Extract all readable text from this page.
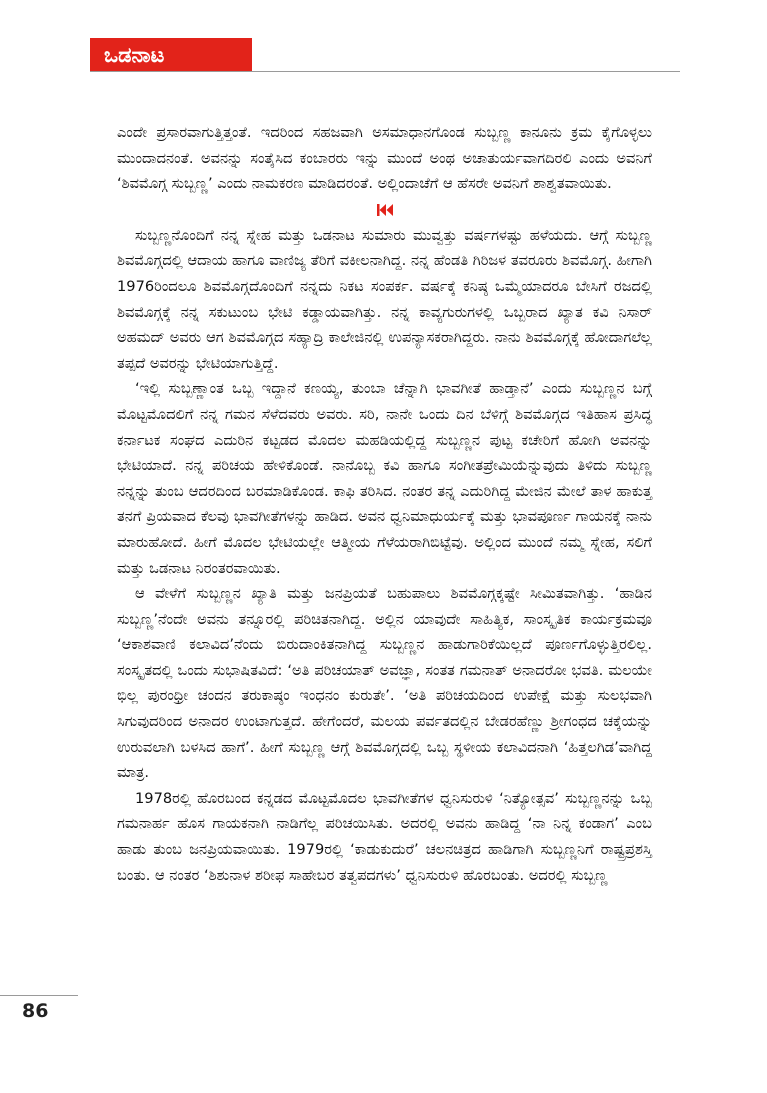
ಒಡನಾಟ

ಎಂದೇ ಪ್ರಸಾರವಾಗುತ್ತಿತ್ತಂತೆ. ಇದರಿಂದ ಸಹಜವಾಗಿ ಅಸಮಾಧಾನಗೊಂಡ ಸುಬ್ಬಣ್ಣ ಕಾನೂನು ಕ್ರಮ ಕೈಗೊಳ್ಳಲು ಮುಂದಾದನಂತೆ. ಅವನನ್ನು ಸಂತೈಸಿದ ಕಂಬಾರರು ಇನ್ನು ಮುಂದೆ ಅಂಥ ಅಚಾತುರ್ಯವಾಗದಿರಲಿ ಎಂದು ಅವನಿಗೆ ‘ಶಿವಮೊಗ್ಗ ಸುಬ್ಬಣ್ಣ’ ಎಂದು ನಾಮಕರಣ ಮಾಡಿದರಂತೆ. ಅಲ್ಲಿಂದಾಚೆಗೆ ಆ ಹೆಸರೇ ಅವನಿಗೆ ಶಾಶ್ವತವಾಯಿತು.

ಸುಬ್ಬಣ್ಣನೊಂದಿಗೆ ನನ್ನ ಸ್ನೇಹ ಮತ್ತು ಒಡನಾಟ ಸುಮಾರು ಮುವ್ವತ್ತು ವರ್ಷಗಳಷ್ಟು ಹಳೆಯದು. ಆಗ್ಗೆ ಸುಬ್ಬಣ್ಣ ಶಿವಮೊಗ್ಗದಲ್ಲಿ ಆದಾಯ ಹಾಗೂ ವಾಣಿಜ್ಯ ತೆರಿಗೆ ವಕೀಲನಾಗಿದ್ದ. ನನ್ನ ಹೆಂಡತಿ ಗಿರಿಜಳ ತವರೂರು ಶಿವಮೊಗ್ಗ. ಹೀಗಾಗಿ 1976ರಿಂದಲೂ ಶಿವಮೊಗ್ಗದೊಂದಿಗೆ ನನ್ನದು ನಿಕಟ ಸಂಪರ್ಕ. ವರ್ಷಕ್ಕೆ ಕನಿಷ್ಠ ಒಮ್ಮೆಯಾದರೂ ಬೇಸಿಗೆ ರಜದಲ್ಲಿ ಶಿವಮೊಗ್ಗಕ್ಕೆ ನನ್ನ ಸಕುಟುಂಬ ಭೇಟಿ ಕಡ್ಡಾಯವಾಗಿತ್ತು. ನನ್ನ ಕಾವ್ಯಗುರುಗಳಲ್ಲಿ ಒಬ್ಬರಾದ ಖ್ಯಾತ ಕವಿ ನಿಸಾರ್ ಅಹಮದ್ ಅವರು ಆಗ ಶಿವಮೊಗ್ಗದ ಸಹ್ಯಾದ್ರಿ ಕಾಲೇಜಿನಲ್ಲಿ ಉಪನ್ಯಾಸಕರಾಗಿದ್ದರು. ನಾನು ಶಿವಮೊಗ್ಗಕ್ಕೆ ಹೋದಾಗಲೆಲ್ಲ ತಪ್ಪದೆ ಅವರನ್ನು ಭೇಟಿಯಾಗುತ್ತಿದ್ದೆ.

‘ಇಲ್ಲಿ ಸುಬ್ಬಣ್ಣಾಂತ ಒಬ್ಬ ಇದ್ದಾನೆ ಕಣಯ್ಯ, ತುಂಬಾ ಚೆನ್ನಾಗಿ ಭಾವಗೀತೆ ಹಾಡ್ತಾನೆ’ ಎಂದು ಸುಬ್ಬಣ್ಣನ ಬಗ್ಗೆ ಮೊಟ್ಟಮೊದಲಿಗೆ ನನ್ನ ಗಮನ ಸೆಳೆದವರು ಅವರು. ಸರಿ, ನಾನೇ ಒಂದು ದಿನ ಬೆಳಿಗ್ಗೆ ಶಿವಮೊಗ್ಗದ ಇತಿಹಾಸ ಪ್ರಸಿದ್ಧ ಕರ್ನಾಟಕ ಸಂಘದ ಎದುರಿನ ಕಟ್ಟಡದ ಮೊದಲ ಮಹಡಿಯಲ್ಲಿದ್ದ ಸುಬ್ಬಣ್ಣನ ಪುಟ್ಟ ಕಚೇರಿಗೆ ಹೋಗಿ ಅವನನ್ನು ಭೇಟಿಯಾದೆ. ನನ್ನ ಪರಿಚಯ ಹೇಳಿಕೊಂಡೆ. ನಾನೊಬ್ಬ ಕವಿ ಹಾಗೂ ಸಂಗೀತಪ್ರೇಮಿಯೆನ್ನುವುದು ತಿಳಿದು ಸುಬ್ಬಣ್ಣ ನನ್ನನ್ನು ತುಂಬ ಆದರದಿಂದ ಬರಮಾಡಿಕೊಂಡ. ಕಾಫಿ ತರಿಸಿದ. ನಂತರ ತನ್ನ ಎದುರಿಗಿದ್ದ ಮೇಜಿನ ಮೇಲೆ ತಾಳ ಹಾಕುತ್ತ ತನಗೆ ಪ್ರಿಯವಾದ ಕೆಲವು ಭಾವಗೀತೆಗಳನ್ನು ಹಾಡಿದ. ಅವನ ಧ್ವನಿಮಾಧುರ್ಯಕ್ಕೆ ಮತ್ತು ಭಾವಪೂರ್ಣ ಗಾಯನಕ್ಕೆ ನಾನು ಮಾರುಹೋದೆ. ಹೀಗೆ ಮೊದಲ ಭೇಟಿಯಲ್ಲೇ ಆತ್ಮೀಯ ಗೆಳೆಯರಾಗಿಬಿಟ್ಟೆವು. ಅಲ್ಲಿಂದ ಮುಂದೆ ನಮ್ಮ ಸ್ನೇಹ, ಸಲಿಗೆ ಮತ್ತು ಒಡನಾಟ ನಿರಂತರವಾಯಿತು.

ಆ ವೇಳೆಗೆ ಸುಬ್ಬಣ್ಣನ ಖ್ಯಾತಿ ಮತ್ತು ಜನಪ್ರಿಯತೆ ಬಹುಪಾಲು ಶಿವಮೊಗ್ಗಕ್ಕಷ್ಟೇ ಸೀಮಿತವಾಗಿತ್ತು. ‘ಹಾಡಿನ ಸುಬ್ಬಣ್ಣ’ನೆಂದೇ ಅವನು ತನ್ನೂರಲ್ಲಿ ಪರಿಚಿತನಾಗಿದ್ದ. ಅಲ್ಲಿನ ಯಾವುದೇ ಸಾಹಿತ್ಯಿಕ, ಸಾಂಸ್ಕೃತಿಕ ಕಾರ್ಯಕ್ರಮವೂ ‘ಆಕಾಶವಾಣಿ ಕಲಾವಿದ’ನೆಂದು ಬಿರುದಾಂಕಿತನಾಗಿದ್ದ ಸುಬ್ಬಣ್ಣನ ಹಾಡುಗಾರಿಕೆಯಿಲ್ಲದೆ ಪೂರ್ಣಗೊಳ್ಳುತ್ತಿರಲಿಲ್ಲ. ಸಂಸ್ಕೃತದಲ್ಲಿ ಒಂದು ಸುಭಾಷಿತವಿದೆ: ‘ಅತಿ ಪರಿಚಯಾತ್ ಅವಜ್ಞಾ, ಸಂತತ ಗಮನಾತ್ ಅನಾದರೋ ಭವತಿ. ಮಲಯೇ ಭಿಲ್ಲ ಪುರಂಧ್ರೀ ಚಂದನ ತರುಕಾಷ್ಠಂ ಇಂಧನಂ ಕುರುತೇ’. ‘ಅತಿ ಪರಿಚಯದಿಂದ ಉಪೇಕ್ಷೆ ಮತ್ತು ಸುಲಭವಾಗಿ ಸಿಗುವುದರಿಂದ ಅನಾದರ ಉಂಟಾಗುತ್ತದೆ. ಹೇಗೆಂದರೆ, ಮಲಯ ಪರ್ವತದಲ್ಲಿನ ಬೇಡರಹೆಣ್ಣು ಶ್ರೀಗಂಧದ ಚಕ್ಕೆಯನ್ನು ಉರುವಲಾಗಿ ಬಳಸಿದ ಹಾಗೆ’. ಹೀಗೆ ಸುಬ್ಬಣ್ಣ ಆಗ್ಗೆ ಶಿವಮೊಗ್ಗದಲ್ಲಿ ಒಬ್ಬ ಸ್ಥಳೀಯ ಕಲಾವಿದನಾಗಿ ‘ಹಿತ್ತಲಗಿಡ’ವಾಗಿದ್ದ ಮಾತ್ರ.

1978ರಲ್ಲಿ ಹೊರಬಂದ ಕನ್ನಡದ ಮೊಟ್ಟಮೊದಲ ಭಾವಗೀತೆಗಳ ಧ್ವನಿಸುರುಳಿ ‘ನಿತ್ಯೋತ್ಸವ’ ಸುಬ್ಬಣ್ಣನನ್ನು ಒಬ್ಬ ಗಮನಾರ್ಹ ಹೊಸ ಗಾಯಕನಾಗಿ ನಾಡಿಗೆಲ್ಲ ಪರಿಚಯಿಸಿತು. ಅದರಲ್ಲಿ ಅವನು ಹಾಡಿದ್ದ ‘ನಾ ನಿನ್ನ ಕಂಡಾಗ’ ಎಂಬ ಹಾಡು ತುಂಬ ಜನಪ್ರಿಯವಾಯಿತು. 1979ರಲ್ಲಿ ‘ಕಾಡುಕುದುರೆ’ ಚಲನಚಿತ್ರದ ಹಾಡಿಗಾಗಿ ಸುಬ್ಬಣ್ಣನಿಗೆ ರಾಷ್ಟ್ರಪ್ರಶಸ್ತಿ ಬಂತು. ಆ ನಂತರ ‘ಶಿಶುನಾಳ ಶರೀಫ ಸಾಹೇಬರ ತತ್ವಪದಗಳು’ ಧ್ವನಿಸುರುಳಿ ಹೊರಬಂತು. ಅದರಲ್ಲಿ ಸುಬ್ಬಣ್ಣ

86
